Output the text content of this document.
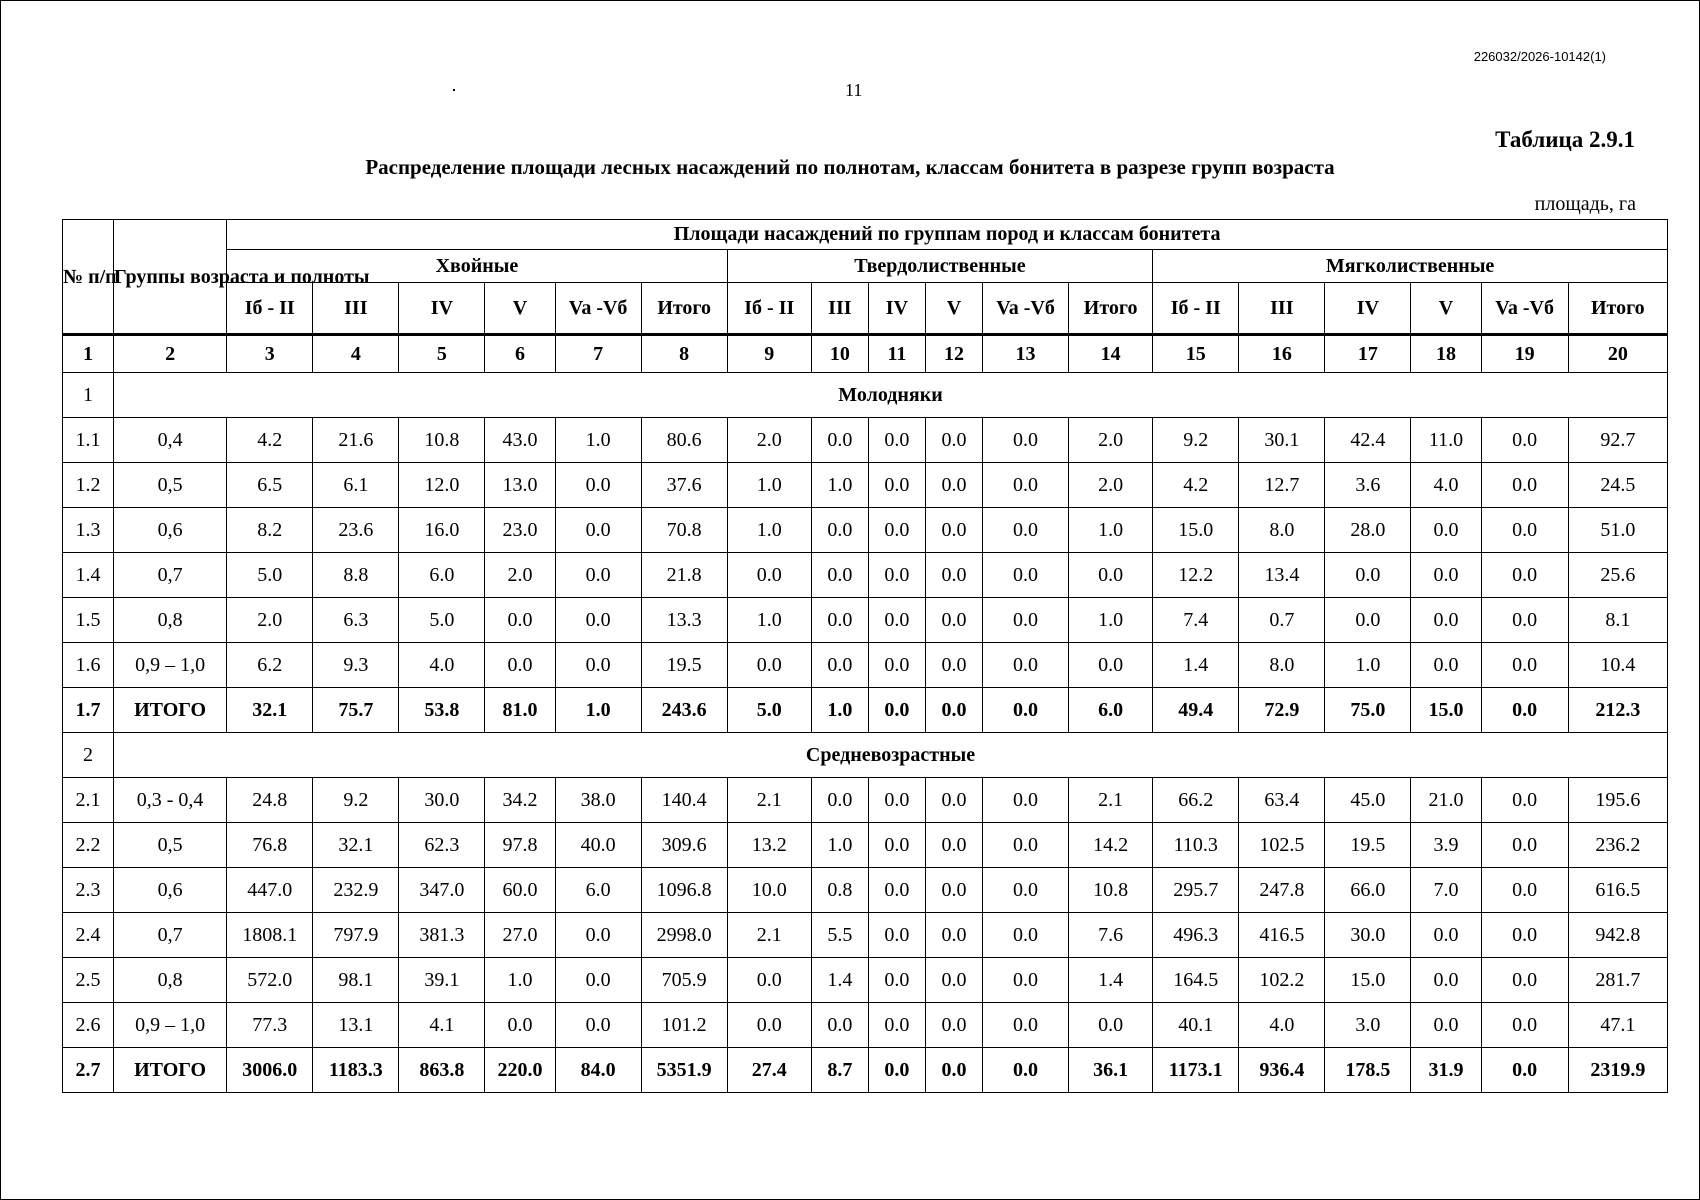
226032/2026-10142(1)
11
Таблица 2.9.1
Распределение площади лесных насаждений по полнотам, классам бонитета в разрезе групп возраста
площадь, га
№ п/п	Группы возраста и полноты	Площади насаждений по группам пород и классам бонитета																	
		Хвойные						Твердолиственные						Мягколиственные					
		Iб - II	III	IV	V	Va -Vб	Итого	Iб - II	III	IV	V	Va -Vб	Итого	Iб - II	III	IV	V	Va -Vб	Итого
1	2	3	4	5	6	7	8	9	10	11	12	13	14	15	16	17	18	19	20
1	Молодняки																		
1.1	0,4	4.2	21.6	10.8	43.0	1.0	80.6	2.0	0.0	0.0	0.0	0.0	2.0	9.2	30.1	42.4	11.0	0.0	92.7
1.2	0,5	6.5	6.1	12.0	13.0	0.0	37.6	1.0	1.0	0.0	0.0	0.0	2.0	4.2	12.7	3.6	4.0	0.0	24.5
1.3	0,6	8.2	23.6	16.0	23.0	0.0	70.8	1.0	0.0	0.0	0.0	0.0	1.0	15.0	8.0	28.0	0.0	0.0	51.0
1.4	0,7	5.0	8.8	6.0	2.0	0.0	21.8	0.0	0.0	0.0	0.0	0.0	0.0	12.2	13.4	0.0	0.0	0.0	25.6
1.5	0,8	2.0	6.3	5.0	0.0	0.0	13.3	1.0	0.0	0.0	0.0	0.0	1.0	7.4	0.7	0.0	0.0	0.0	8.1
1.6	0,9 – 1,0	6.2	9.3	4.0	0.0	0.0	19.5	0.0	0.0	0.0	0.0	0.0	0.0	1.4	8.0	1.0	0.0	0.0	10.4
1.7	ИТОГО	32.1	75.7	53.8	81.0	1.0	243.6	5.0	1.0	0.0	0.0	0.0	6.0	49.4	72.9	75.0	15.0	0.0	212.3
2	Средневозрастные																		
2.1	0,3 - 0,4	24.8	9.2	30.0	34.2	38.0	140.4	2.1	0.0	0.0	0.0	0.0	2.1	66.2	63.4	45.0	21.0	0.0	195.6
2.2	0,5	76.8	32.1	62.3	97.8	40.0	309.6	13.2	1.0	0.0	0.0	0.0	14.2	110.3	102.5	19.5	3.9	0.0	236.2
2.3	0,6	447.0	232.9	347.0	60.0	6.0	1096.8	10.0	0.8	0.0	0.0	0.0	10.8	295.7	247.8	66.0	7.0	0.0	616.5
2.4	0,7	1808.1	797.9	381.3	27.0	0.0	2998.0	2.1	5.5	0.0	0.0	0.0	7.6	496.3	416.5	30.0	0.0	0.0	942.8
2.5	0,8	572.0	98.1	39.1	1.0	0.0	705.9	0.0	1.4	0.0	0.0	0.0	1.4	164.5	102.2	15.0	0.0	0.0	281.7
2.6	0,9 – 1,0	77.3	13.1	4.1	0.0	0.0	101.2	0.0	0.0	0.0	0.0	0.0	0.0	40.1	4.0	3.0	0.0	0.0	47.1
2.7	ИТОГО	3006.0	1183.3	863.8	220.0	84.0	5351.9	27.4	8.7	0.0	0.0	0.0	36.1	1173.1	936.4	178.5	31.9	0.0	2319.9
